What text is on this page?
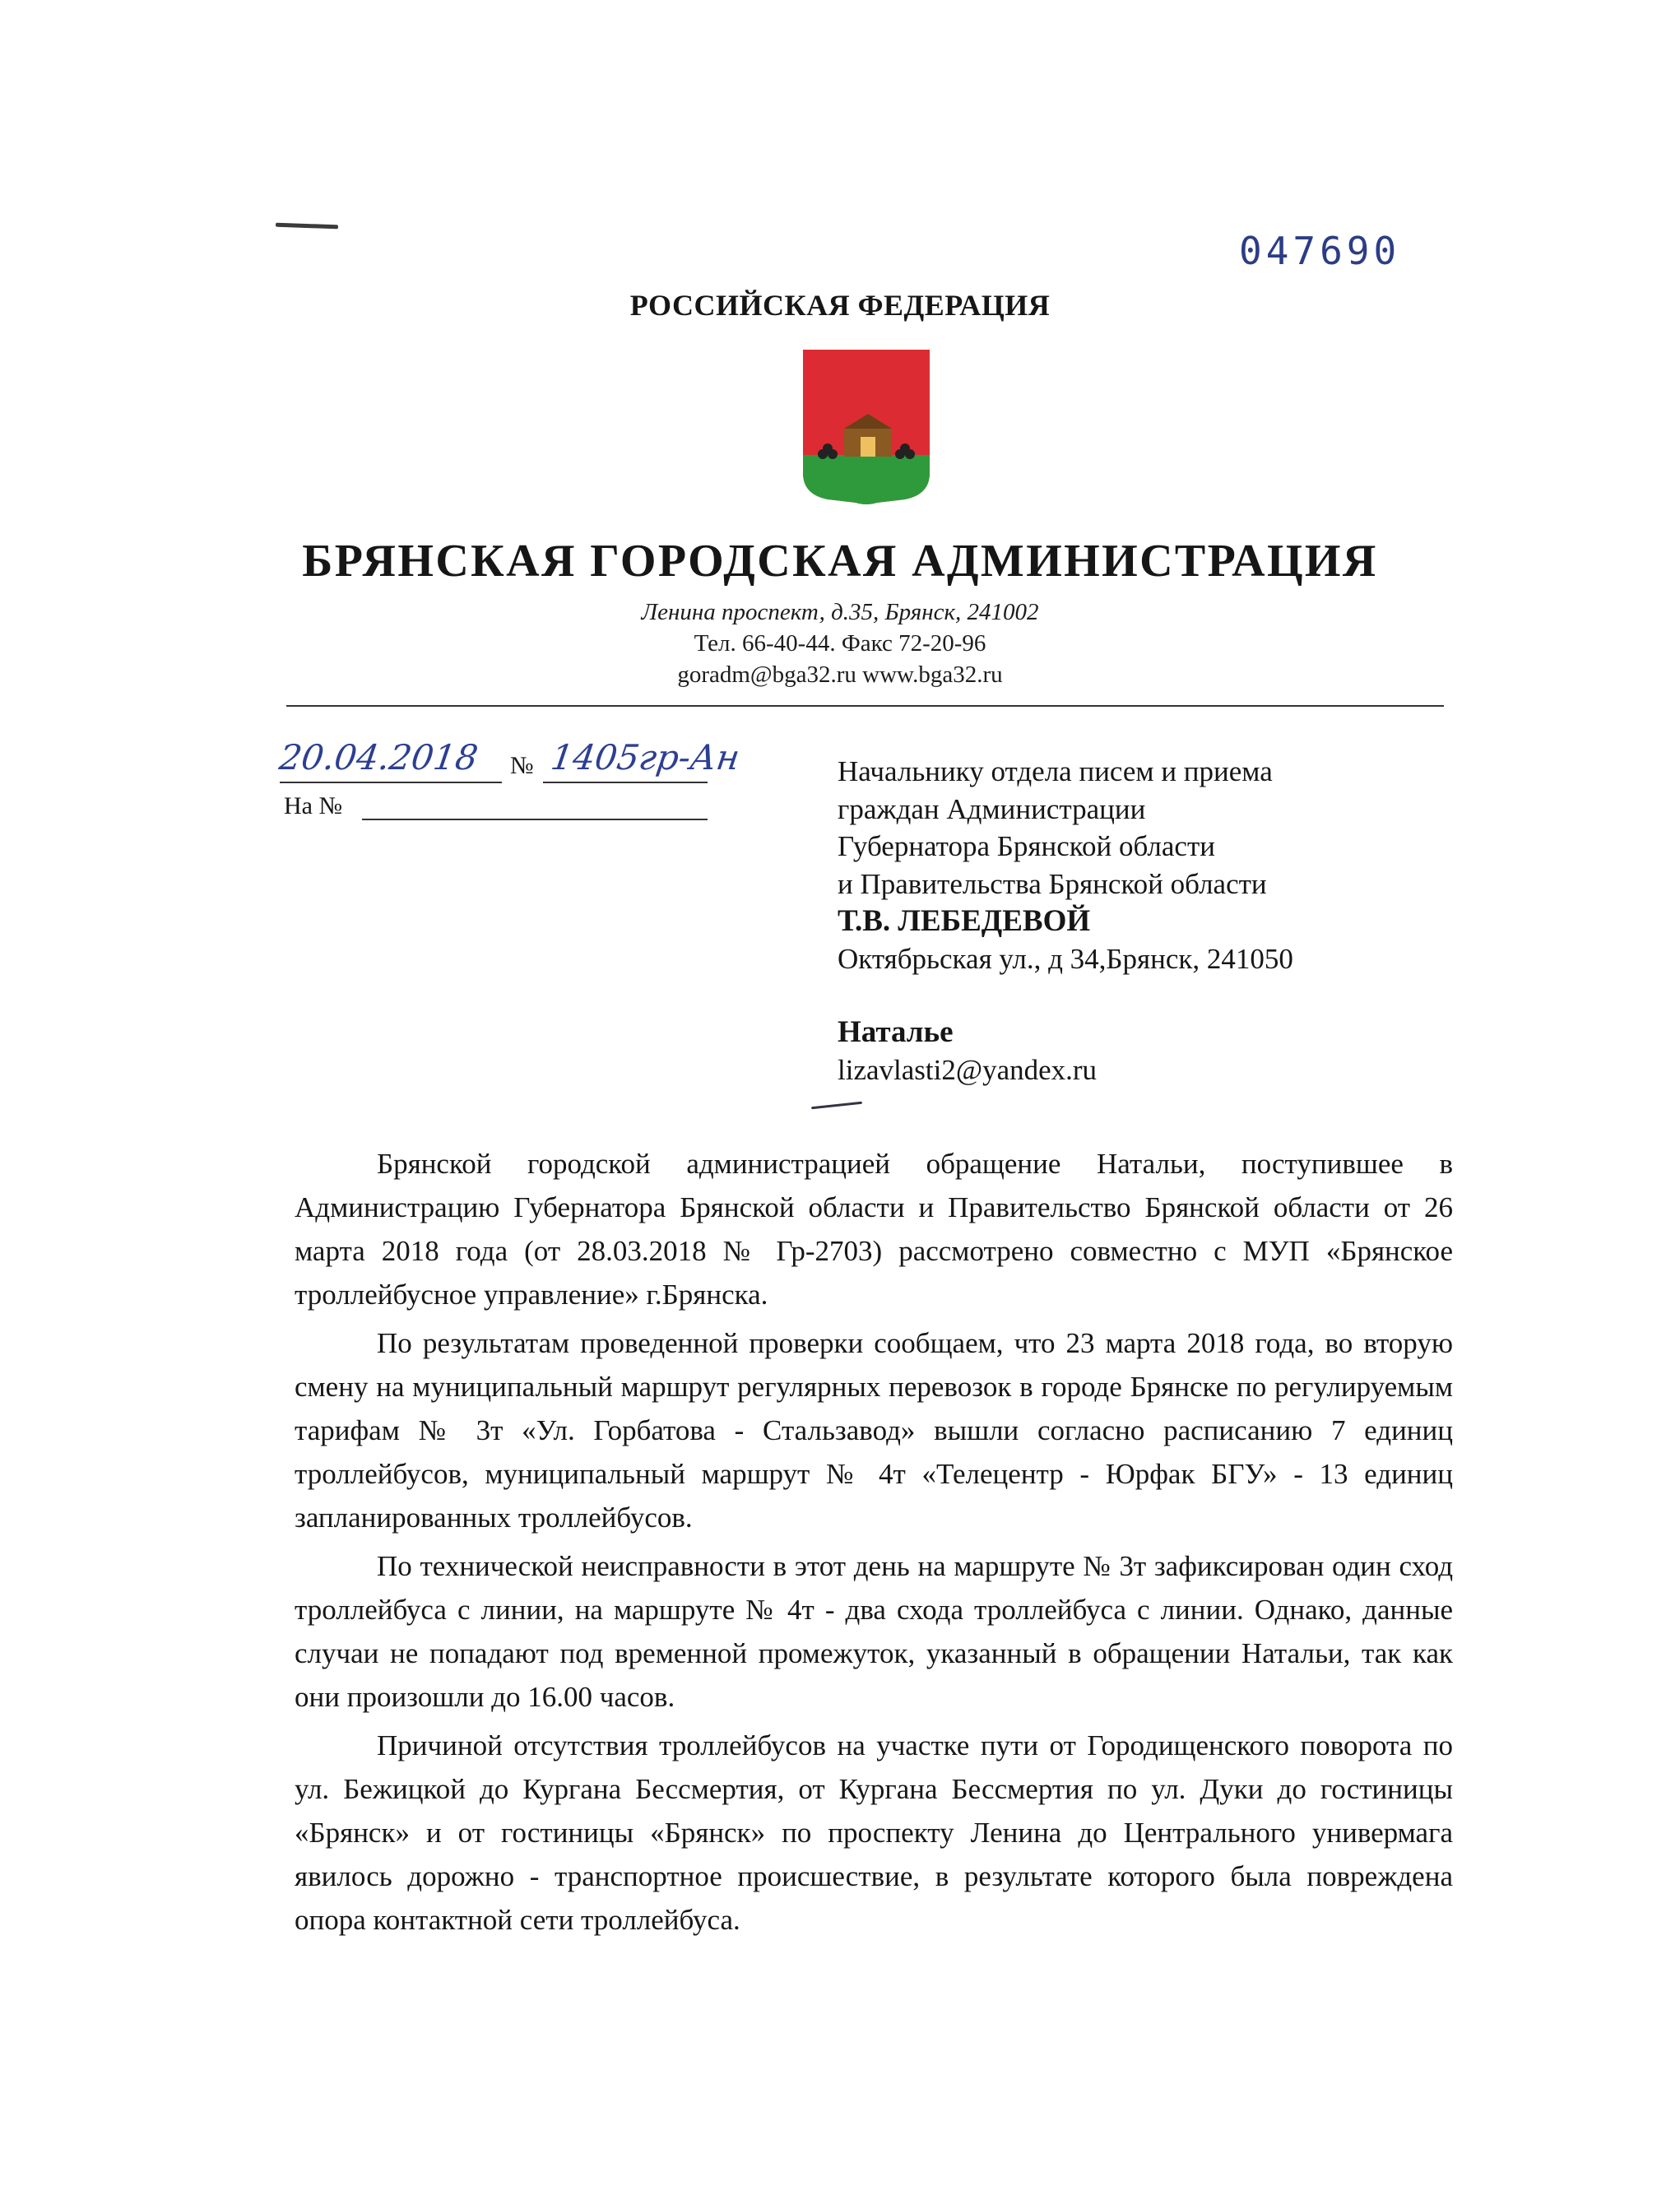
047690
РОССИЙСКАЯ ФЕДЕРАЦИЯ
БРЯНСКАЯ ГОРОДСКАЯ АДМИНИСТРАЦИЯ
Ленина проспект, д.35, Брянск, 241002
Тел. 66-40-44. Факс 72-20-96
goradm@bga32.ru www.bga32.ru
20.04.2018 № 1405гр-Ан
На №
Начальнику отдела писем и приема
граждан Администрации
Губернатора Брянской области
и Правительства Брянской области
Т.В. ЛЕБЕДЕВОЙ
Октябрьская ул., д 34,Брянск, 241050
Наталье
lizavlasti2@yandex.ru

Брянской городской администрацией обращение Натальи, поступившее в Администрацию Губернатора Брянской области и Правительство Брянской области от 26 марта 2018 года (от 28.03.2018 № Гр-2703) рассмотрено совместно с МУП «Брянское троллейбусное управление» г.Брянска.

По результатам проведенной проверки сообщаем, что 23 марта 2018 года, во вторую смену на муниципальный маршрут регулярных перевозок в городе Брянске по регулируемым тарифам № 3т «Ул. Горбатова - Стальзавод» вышли согласно расписанию 7 единиц троллейбусов, муниципальный маршрут № 4т «Телецентр - Юрфак БГУ» - 13 единиц запланированных троллейбусов.

По технической неисправности в этот день на маршруте № 3т зафиксирован один сход троллейбуса с линии, на маршруте № 4т - два схода троллейбуса с линии. Однако, данные случаи не попадают под временной промежуток, указанный в обращении Натальи, так как они произошли до 16.00 часов.

Причиной отсутствия троллейбусов на участке пути от Городищенского поворота по ул. Бежицкой до Кургана Бессмертия, от Кургана Бессмертия по ул. Дуки до гостиницы «Брянск» и от гостиницы «Брянск» по проспекту Ленина до Центрального универмага явилось дорожно - транспортное происшествие, в результате которого была повреждена опора контактной сети троллейбуса.
